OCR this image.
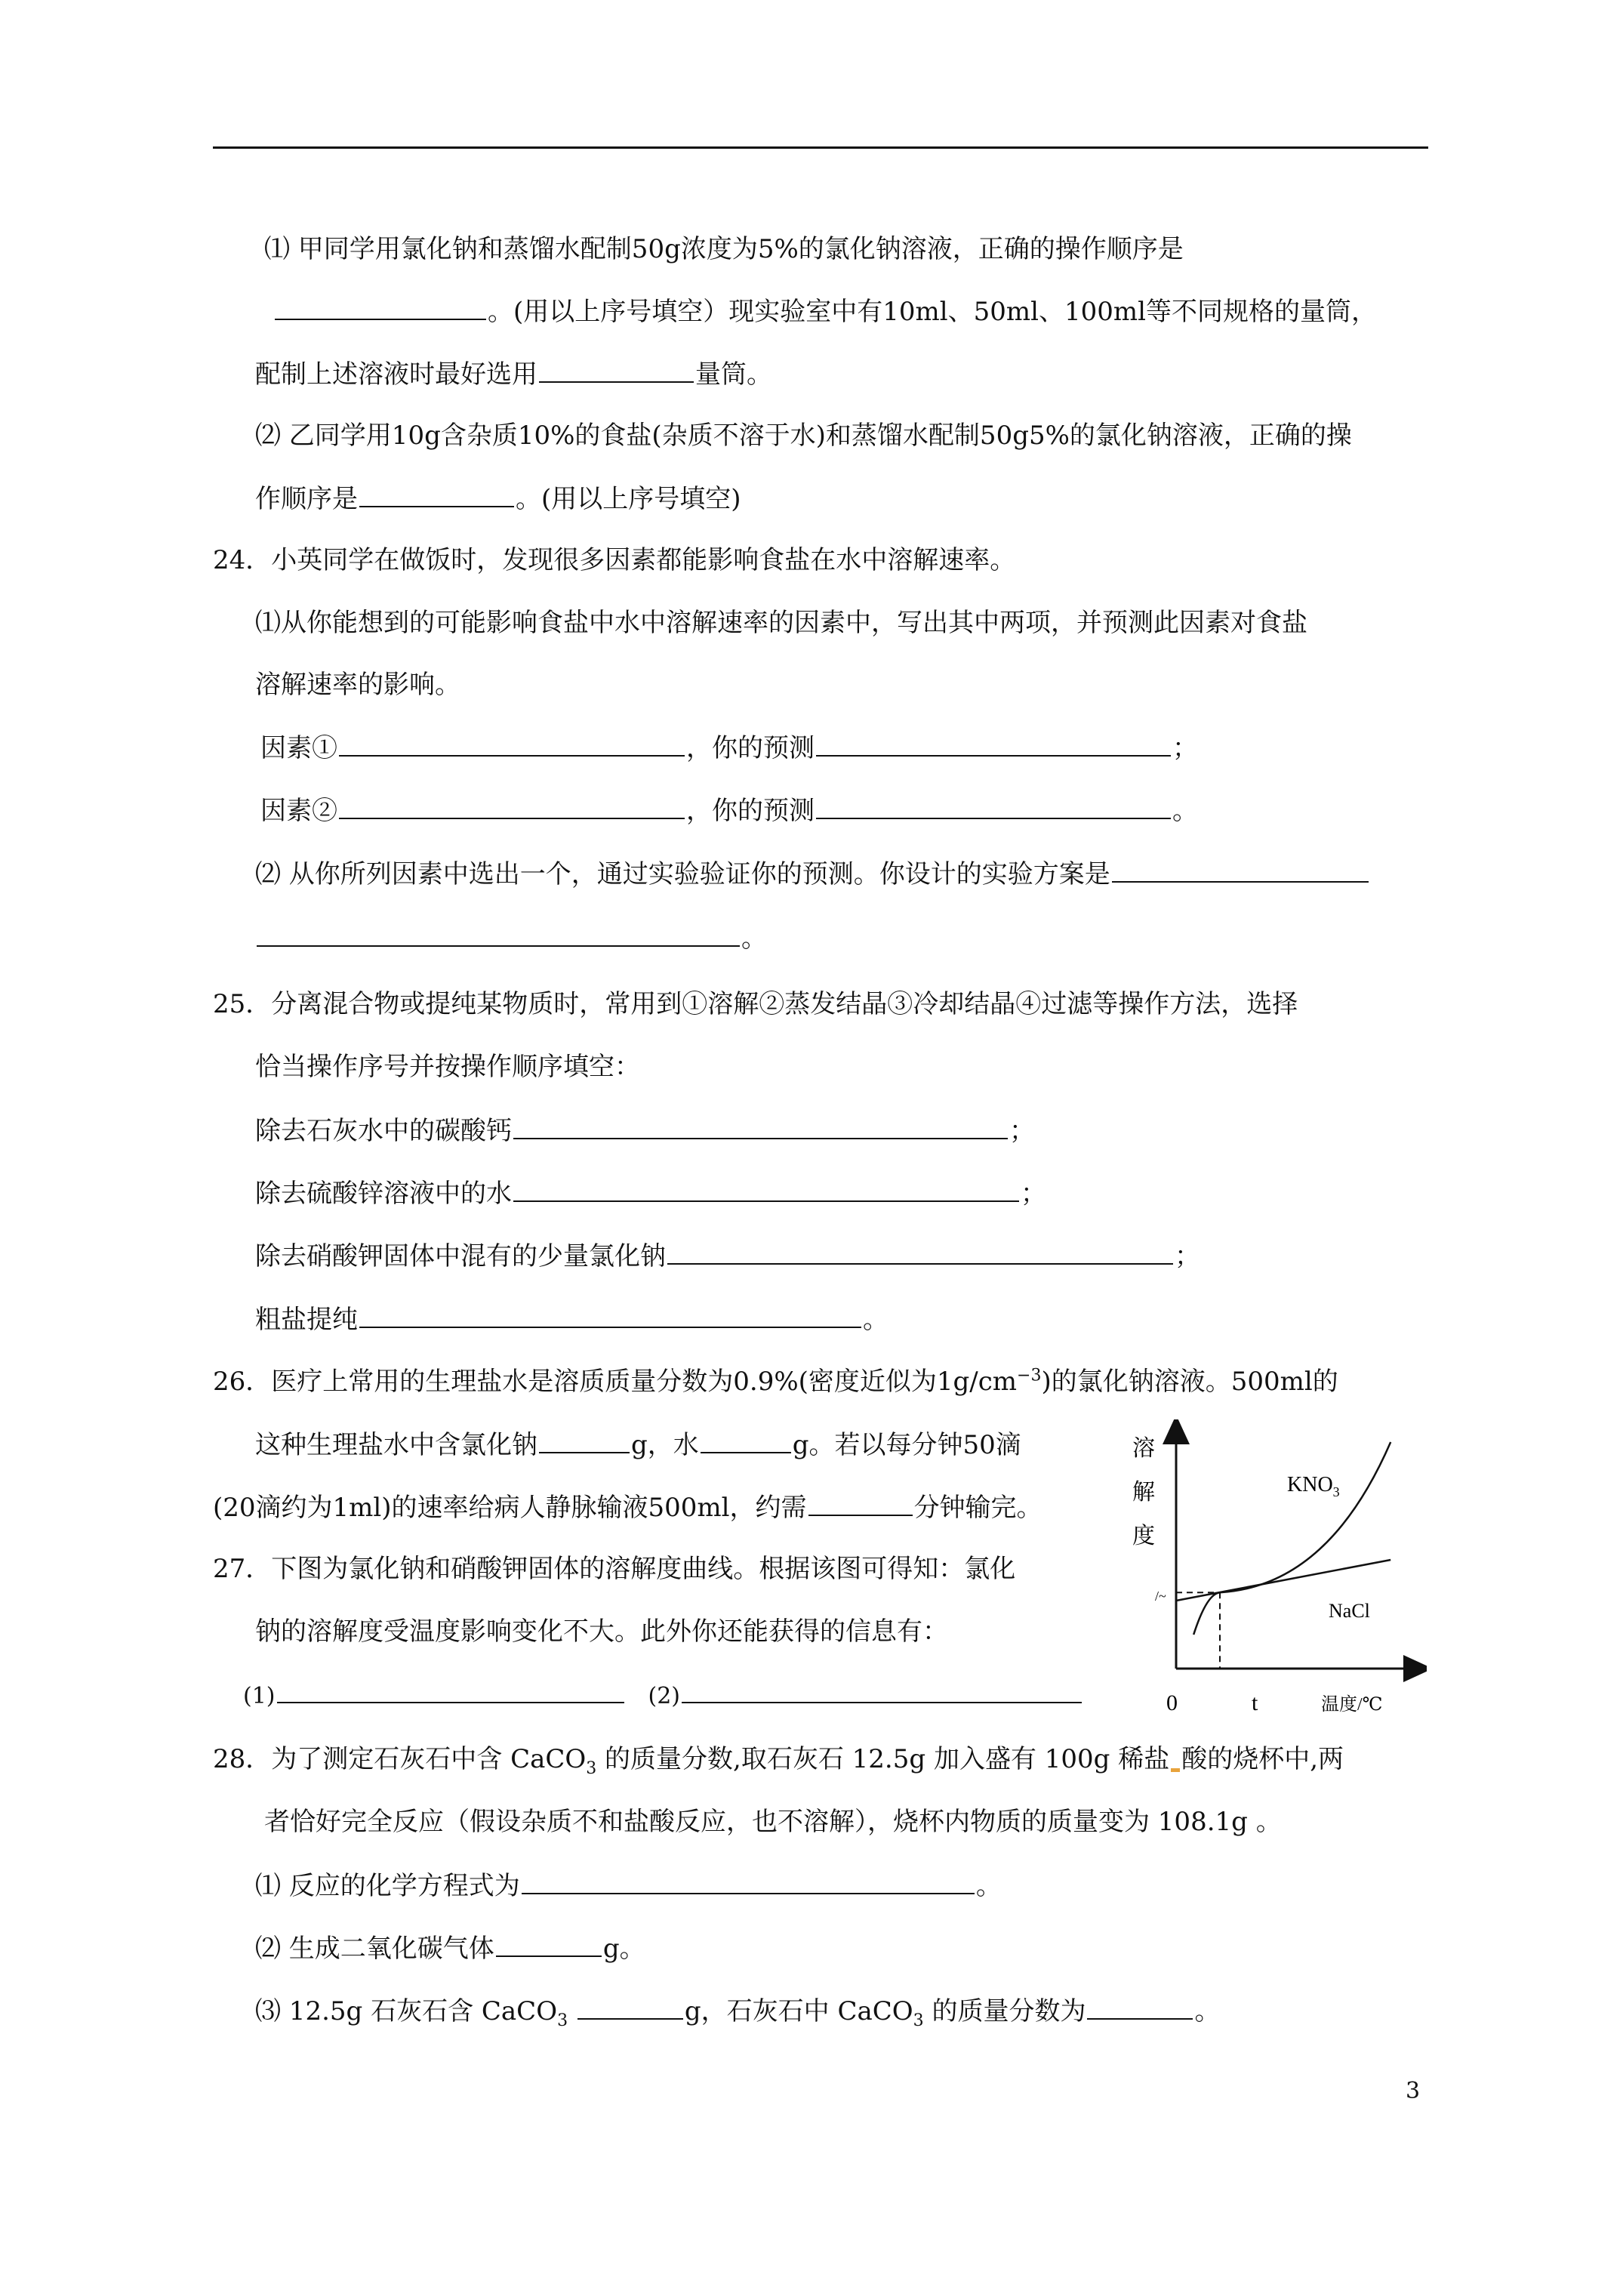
⑴ 甲同学用氯化钠和蒸馏水配制50g浓度为5%的氯化钠溶液，正确的操作顺序是
。(用以上序号填空）现实验室中有10ml、50ml、100ml等不同规格的量筒，
配制上述溶液时最好选用	量筒。
⑵ 乙同学用10g含杂质10%的食盐(杂质不溶于水)和蒸馏水配制50g5%的氯化钠溶液，正确的操
作顺序是	。(用以上序号填空)
24．小英同学在做饭时，发现很多因素都能影响食盐在水中溶解速率。
⑴从你能想到的可能影响食盐中水中溶解速率的因素中，写出其中两项，并预测此因素对食盐
溶解速率的影响。
因素①	，你的预测	；
因素②	，你的预测	。
⑵ 从你所列因素中选出一个，通过实验验证你的预测。你设计的实验方案是
。
25．分离混合物或提纯某物质时，常用到①溶解②蒸发结晶③冷却结晶④过滤等操作方法，选择
恰当操作序号并按操作顺序填空：
除去石灰水中的碳酸钙	；
除去硫酸锌溶液中的水	；
除去硝酸钾固体中混有的少量氯化钠	；
粗盐提纯	。
26．医疗上常用的生理盐水是溶质质量分数为0.9%(密度近似为$1g/cm^{-3}$)的氯化钠溶液。500ml的
这种生理盐水中含氯化钠	g，水	g。若以每分钟50滴
(20滴约为1ml)的速率给病人静脉输液500ml，约需	分钟输完。
27．下图为氯化钠和硝酸钾固体的溶解度曲线。根据该图可得知：氯化
钠的溶解度受温度影响变化不大。此外你还能获得的信息有：
(1)	(2)
溶
解
度
/~
$KNO_3$
NaCl
0	t	温度/℃
28．为了测定石灰石中含 CaCO$_3$ 的质量分数,取石灰石 12.5g 加入盛有 100g 稀盐 酸的烧杯中,两
者恰好完全反应（假设杂质不和盐酸反应，也不溶解），烧杯内物质的质量变为 108.1g 。
⑴ 反应的化学方程式为	。
⑵ 生成二氧化碳气体	g。
⑶ 12.5g 石灰石含 CaCO$_3$	g，石灰石中 CaCO$_3$ 的质量分数为	。
3
